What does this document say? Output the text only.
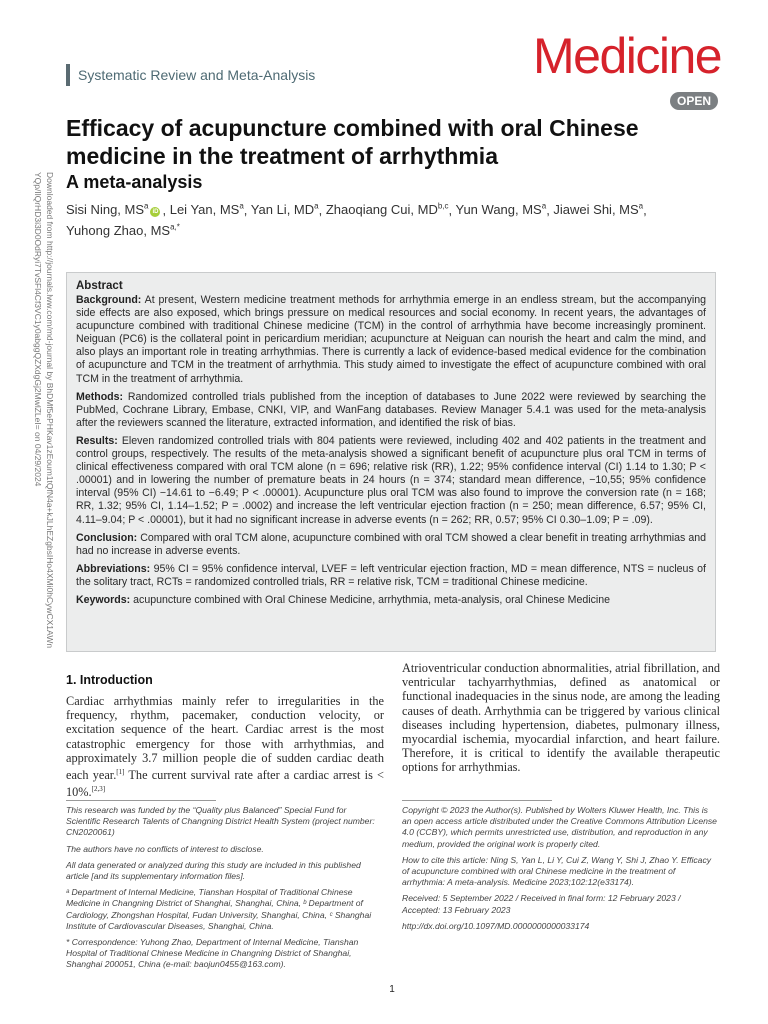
Systematic Review and Meta-Analysis	Medicine
OPEN
Downloaded from http://journals.lww.com/md-journal by BhDMf5ePHKav1zEoum1tQfN4a+kJLhEZgbsIHo4XMi0hCywCX1AWnYQp/IlQrHD3i3D0OdRyi7TvSFl4Cf3VC1y0abggQZXdgGj2MwlZLeI= on 04/29/2024
Efficacy of acupuncture combined with oral Chinese medicine in the treatment of arrhythmia
A meta-analysis
Sisi Ning, $MS^aiD$ , Lei Yan, $MS^a$, Yan Li, $MD^a$, Zhaoqiang Cui, MD$^{b,c}$, Yun Wang, $MS^a$, Jiawei Shi, $MS^a$, Yuhong Zhao, $MS^{a,*}$
Abstract

Background: At present, Western medicine treatment methods for arrhythmia emerge in an endless stream, but the accompanying side effects are also exposed, which brings pressure on medical resources and social economy. In recent years, the advantages of acupuncture combined with traditional Chinese medicine (TCM) in the control of arrhythmia have become increasingly prominent. Neiguan (PC6) is the collateral point in pericardium meridian; acupuncture at Neiguan can nourish the heart and calm the mind, and also plays an important role in treating arrhythmias. There is currently a lack of evidence-based medical evidence for the combination of acupuncture and TCM in the treatment of arrhythmia. This study aimed to investigate the effect of acupuncture combined with oral TCM in the treatment of arrhythmia.

Methods: Randomized controlled trials published from the inception of databases to June 2022 were reviewed by searching the PubMed, Cochrane Library, Embase, CNKI, VIP, and WanFang databases. Review Manager 5.4.1 was used for the meta-analysis after the reviewers scanned the literature, extracted information, and identified the risk of bias.

Results: Eleven randomized controlled trials with 804 patients were reviewed, including 402 and 402 patients in the treatment and control groups, respectively. The results of the meta-analysis showed a significant benefit of acupuncture plus oral TCM in terms of clinical effectiveness compared with oral TCM alone (n = 696; relative risk (RR), 1.22; 95% confidence interval (CI) 1.14 to 1.30; P < .00001) and in lowering the number of premature beats in 24 hours (n = 374; standard mean difference, −10,55; 95% confidence interval (95% CI) −14.61 to −6.49; P < .00001). Acupuncture plus oral TCM was also found to improve the conversion rate (n = 168; RR, 1.32; 95% CI, 1.14–1.52; P = .0002) and increase the left ventricular ejection fraction (n = 250; mean difference, 6.57; 95% CI, 4.11–9.04; P < .00001), but it had no significant increase in adverse events (n = 262; RR, 0.57; 95% CI 0.30–1.09; P = .09).

Conclusion: Compared with oral TCM alone, acupuncture combined with oral TCM showed a clear benefit in treating arrhythmias and had no increase in adverse events.

Abbreviations: 95% CI = 95% confidence interval, LVEF = left ventricular ejection fraction, MD = mean difference, NTS = nucleus of the solitary tract, RCTs = randomized controlled trials, RR = relative risk, TCM = traditional Chinese medicine.

Keywords: acupuncture combined with Oral Chinese Medicine, arrhythmia, meta-analysis, oral Chinese Medicine

1. Introduction

Cardiac arrhythmias mainly refer to irregularities in the frequency, rhythm, pacemaker, conduction velocity, or excitation sequence of the heart. Cardiac arrest is the most catastrophic emergency for those with arrhythmias, and approximately 3.7 million people die of sudden cardiac death each year.[1] The current survival rate after a cardiac arrest is < 10%.[2,3]

Atrioventricular conduction abnormalities, atrial fibrillation, and ventricular tachyarrhythmias, defined as anatomical or functional inadequacies in the sinus node, are among the leading causes of death. Arrhythmia can be triggered by various clinical diseases including hypertension, diabetes, pulmonary illness, myocardial ischemia, myocardial infarction, and heart failure. Therefore, it is critical to identify the available therapeutic options for arrhythmias.

This research was funded by the “Quality plus Balanced” Special Fund for Scientific Research Talents of Changning District Health System (project number: CN2020061)

The authors have no conflicts of interest to disclose.

All data generated or analyzed during this study are included in this published article [and its supplementary information files].

ᵃ Department of Internal Medicine, Tianshan Hospital of Traditional Chinese Medicine in Changning District of Shanghai, Shanghai, China, ᵇ Department of Cardiology, Zhongshan Hospital, Fudan University, Shanghai, China, ᶜ Shanghai Institute of Cardiovascular Diseases, Shanghai, China.

* Correspondence: Yuhong Zhao, Department of Internal Medicine, Tianshan Hospital of Traditional Chinese Medicine in Changning District of Shanghai, Shanghai 200051, China (e-mail: baojun0455@163.com).

Copyright © 2023 the Author(s). Published by Wolters Kluwer Health, Inc. This is an open access article distributed under the Creative Commons Attribution License 4.0 (CCBY), which permits unrestricted use, distribution, and reproduction in any medium, provided the original work is properly cited.

How to cite this article: Ning S, Yan L, Li Y, Cui Z, Wang Y, Shi J, Zhao Y. Efficacy of acupuncture combined with oral Chinese medicine in the treatment of arrhythmia: A meta-analysis. Medicine 2023;102:12(e33174).

Received: 5 September 2022 / Received in final form: 12 February 2023 / Accepted: 13 February 2023

http://dx.doi.org/10.1097/MD.0000000000033174

1
